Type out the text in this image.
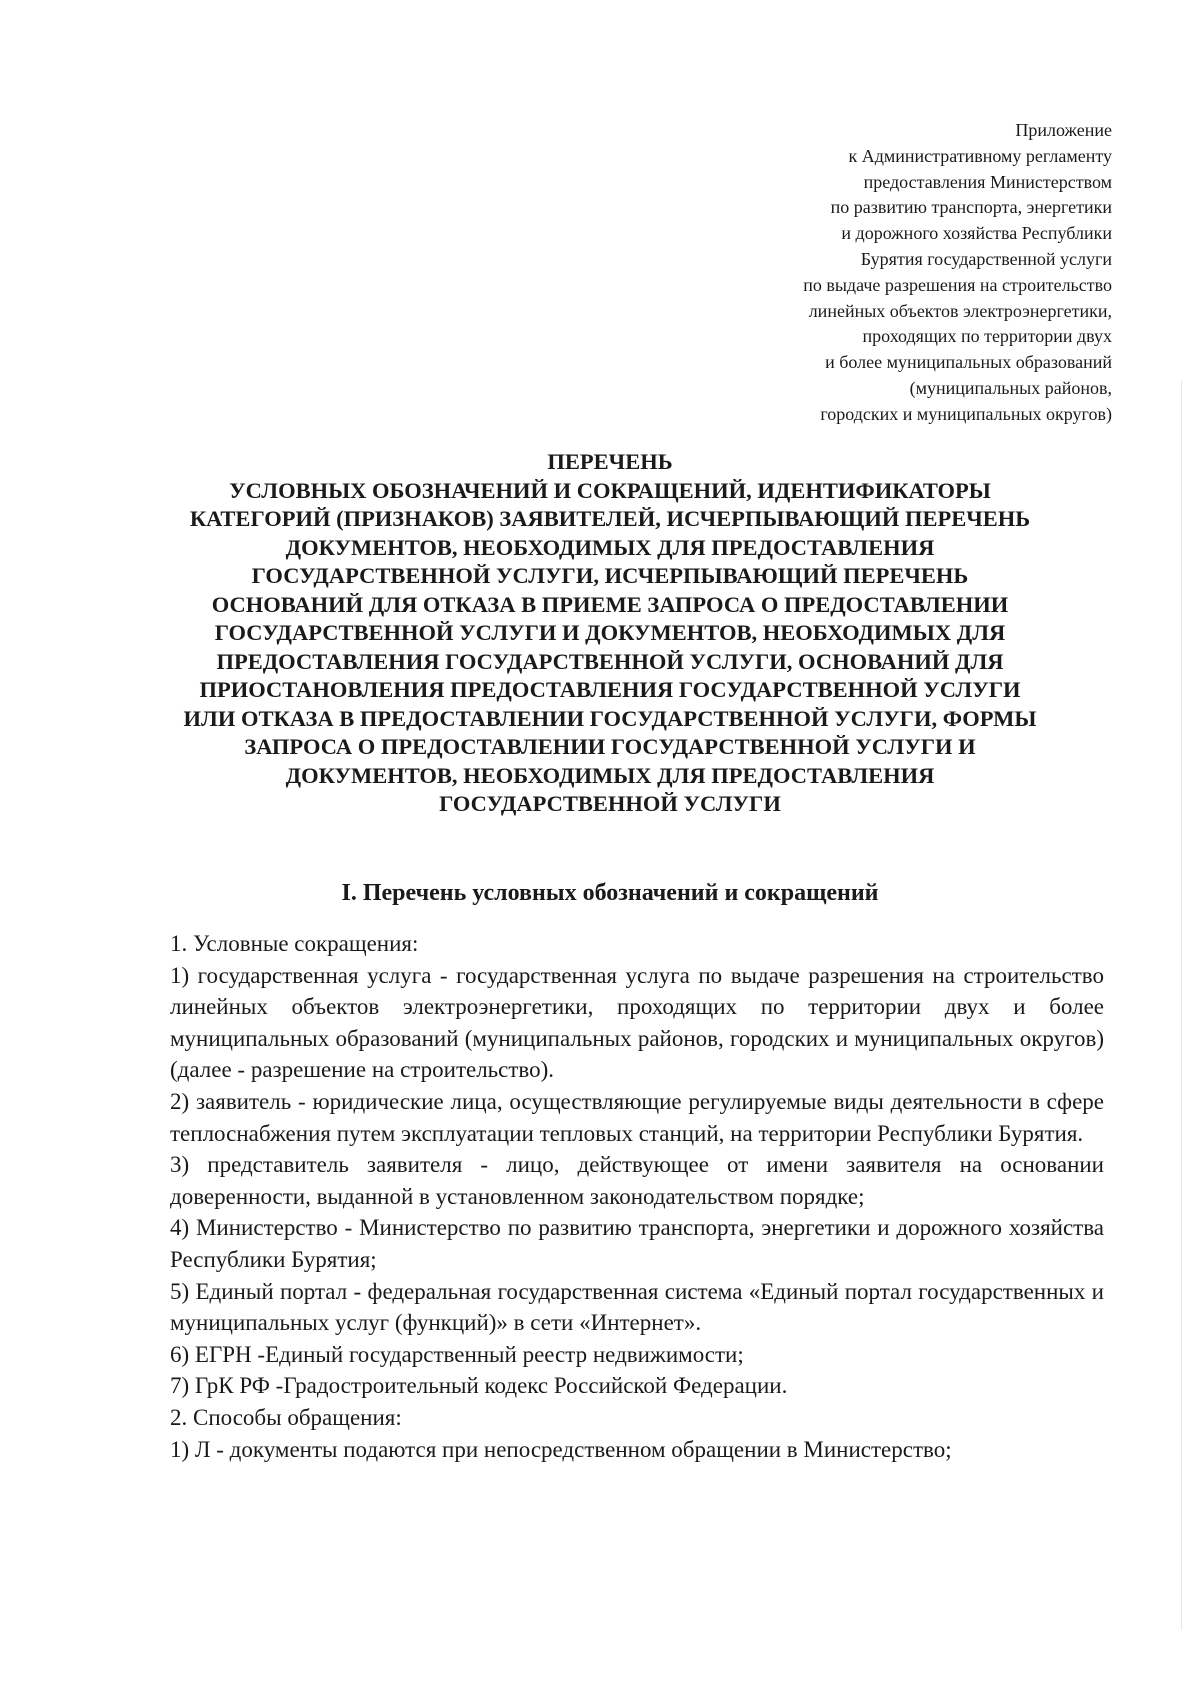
Приложение
к Административному регламенту
предоставления Министерством
по развитию транспорта, энергетики
и дорожного хозяйства Республики
Бурятия государственной услуги
по выдаче разрешения на строительство
линейных объектов электроэнергетики,
проходящих по территории двух
и более муниципальных образований
(муниципальных районов,
городских и муниципальных округов)
ПЕРЕЧЕНЬ
УСЛОВНЫХ ОБОЗНАЧЕНИЙ И СОКРАЩЕНИЙ, ИДЕНТИФИКАТОРЫ
КАТЕГОРИЙ (ПРИЗНАКОВ) ЗАЯВИТЕЛЕЙ, ИСЧЕРПЫВАЮЩИЙ ПЕРЕЧЕНЬ
ДОКУМЕНТОВ, НЕОБХОДИМЫХ ДЛЯ ПРЕДОСТАВЛЕНИЯ
ГОСУДАРСТВЕННОЙ УСЛУГИ, ИСЧЕРПЫВАЮЩИЙ ПЕРЕЧЕНЬ
ОСНОВАНИЙ ДЛЯ ОТКАЗА В ПРИЕМЕ ЗАПРОСА О ПРЕДОСТАВЛЕНИИ
ГОСУДАРСТВЕННОЙ УСЛУГИ И ДОКУМЕНТОВ, НЕОБХОДИМЫХ ДЛЯ
ПРЕДОСТАВЛЕНИЯ ГОСУДАРСТВЕННОЙ УСЛУГИ, ОСНОВАНИЙ ДЛЯ
ПРИОСТАНОВЛЕНИЯ ПРЕДОСТАВЛЕНИЯ ГОСУДАРСТВЕННОЙ УСЛУГИ
ИЛИ ОТКАЗА В ПРЕДОСТАВЛЕНИИ ГОСУДАРСТВЕННОЙ УСЛУГИ, ФОРМЫ
ЗАПРОСА О ПРЕДОСТАВЛЕНИИ ГОСУДАРСТВЕННОЙ УСЛУГИ И
ДОКУМЕНТОВ, НЕОБХОДИМЫХ ДЛЯ ПРЕДОСТАВЛЕНИЯ
ГОСУДАРСТВЕННОЙ УСЛУГИ
I. Перечень условных обозначений и сокращений

1. Условные сокращения:

1) государственная услуга - государственная услуга по выдаче разрешения на строительство линейных объектов электроэнергетики, проходящих по территории двух и более муниципальных образований (муниципальных районов, городских и муниципальных округов) (далее - разрешение на строительство).

2) заявитель - юридические лица, осуществляющие регулируемые виды деятельности в сфере теплоснабжения путем эксплуатации тепловых станций, на территории Республики Бурятия.

3) представитель заявителя - лицо, действующее от имени заявителя на основании доверенности, выданной в установленном законодательством порядке;

4) Министерство - Министерство по развитию транспорта, энергетики и дорожного хозяйства Республики Бурятия;

5) Единый портал - федеральная государственная система «Единый портал государственных и муниципальных услуг (функций)» в сети «Интернет».

6) ЕГРН -Единый государственный реестр недвижимости;

7) ГрК РФ -Градостроительный кодекс Российской Федерации.

2. Способы обращения:

1) Л - документы подаются при непосредственном обращении в Министерство;
